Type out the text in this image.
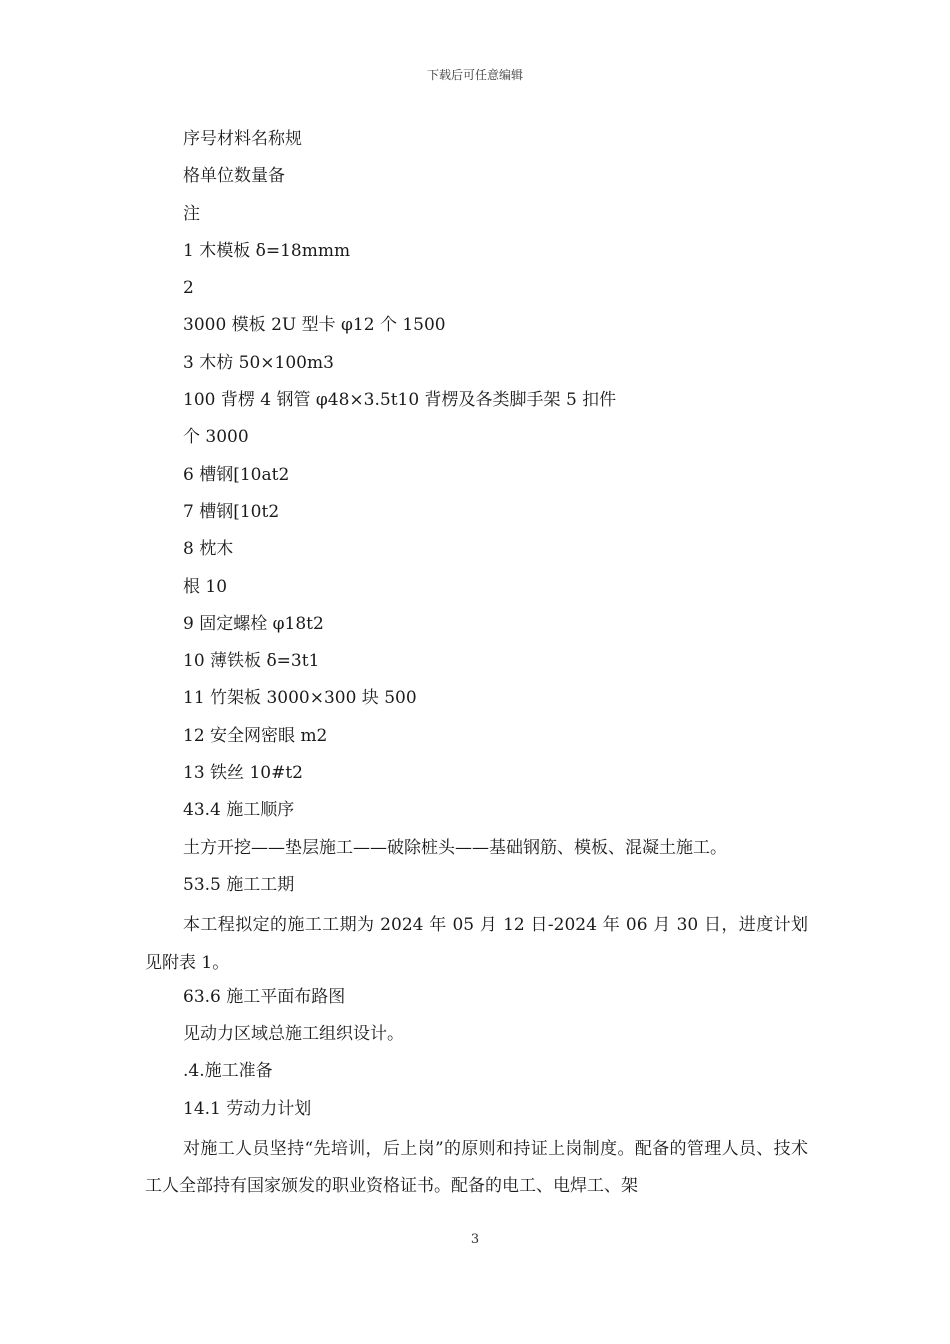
下载后可任意编辑
序号材料名称规
格单位数量备
注
1 木模板 δ=18mmm
2
3000 模板 2U 型卡 φ12 个 1500
3 木枋 50×100m3
100 背楞 4 钢管 φ48×3.5t10 背楞及各类脚手架 5 扣件
个 3000
6 槽钢[10at2
7 槽钢[10t2
8 枕木
根 10
9 固定螺栓 φ18t2
10 薄铁板 δ=3t1
11 竹架板 3000×300 块 500
12 安全网密眼 m2
13 铁丝 10#t2
43.4 施工顺序
土方开挖——垫层施工——破除桩头——基础钢筋、模板、混凝土施工。
53.5 施工工期
本工程拟定的施工工期为 2024 年 05 月 12 日-2024 年 06 月 30 日，进度计划见附表 1。
63.6 施工平面布路图
见动力区域总施工组织设计。
.4.施工准备
14.1 劳动力计划
对施工人员坚持“先培训，后上岗”的原则和持证上岗制度。配备的管理人员、技术工人全部持有国家颁发的职业资格证书。配备的电工、电焊工、架
3
